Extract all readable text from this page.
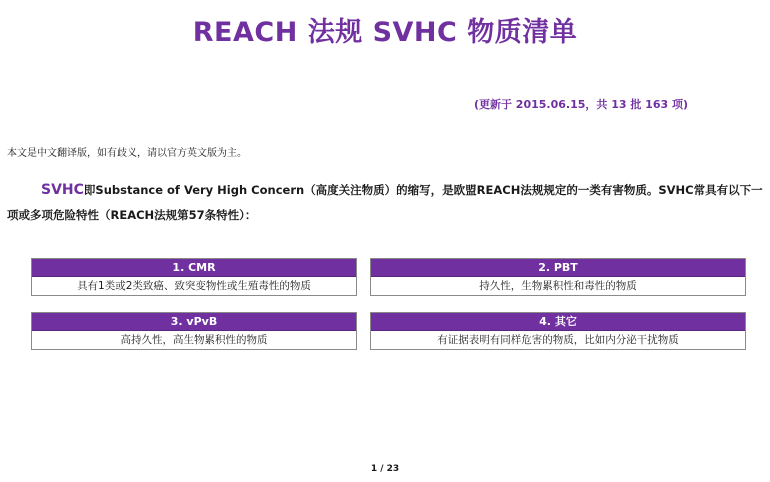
REACH 法规 SVHC 物质清单
(更新于 2015.06.15，共 13 批 163 项)
本文是中文翻译版，如有歧义，请以官方英文版为主。
SVHC即Substance of Very High Concern（高度关注物质）的缩写，是欧盟REACH法规规定的一类有害物质。SVHC常具有以下一项或多项危险特性（REACH法规第57条特性）：
1. CMR
具有1类或2类致癌、致突变物性或生殖毒性的物质
2. PBT
持久性，生物累积性和毒性的物质
3. vPvB
高持久性，高生物累积性的物质
4. 其它
有证据表明有同样危害的物质，比如内分泌干扰物质
1 / 23
